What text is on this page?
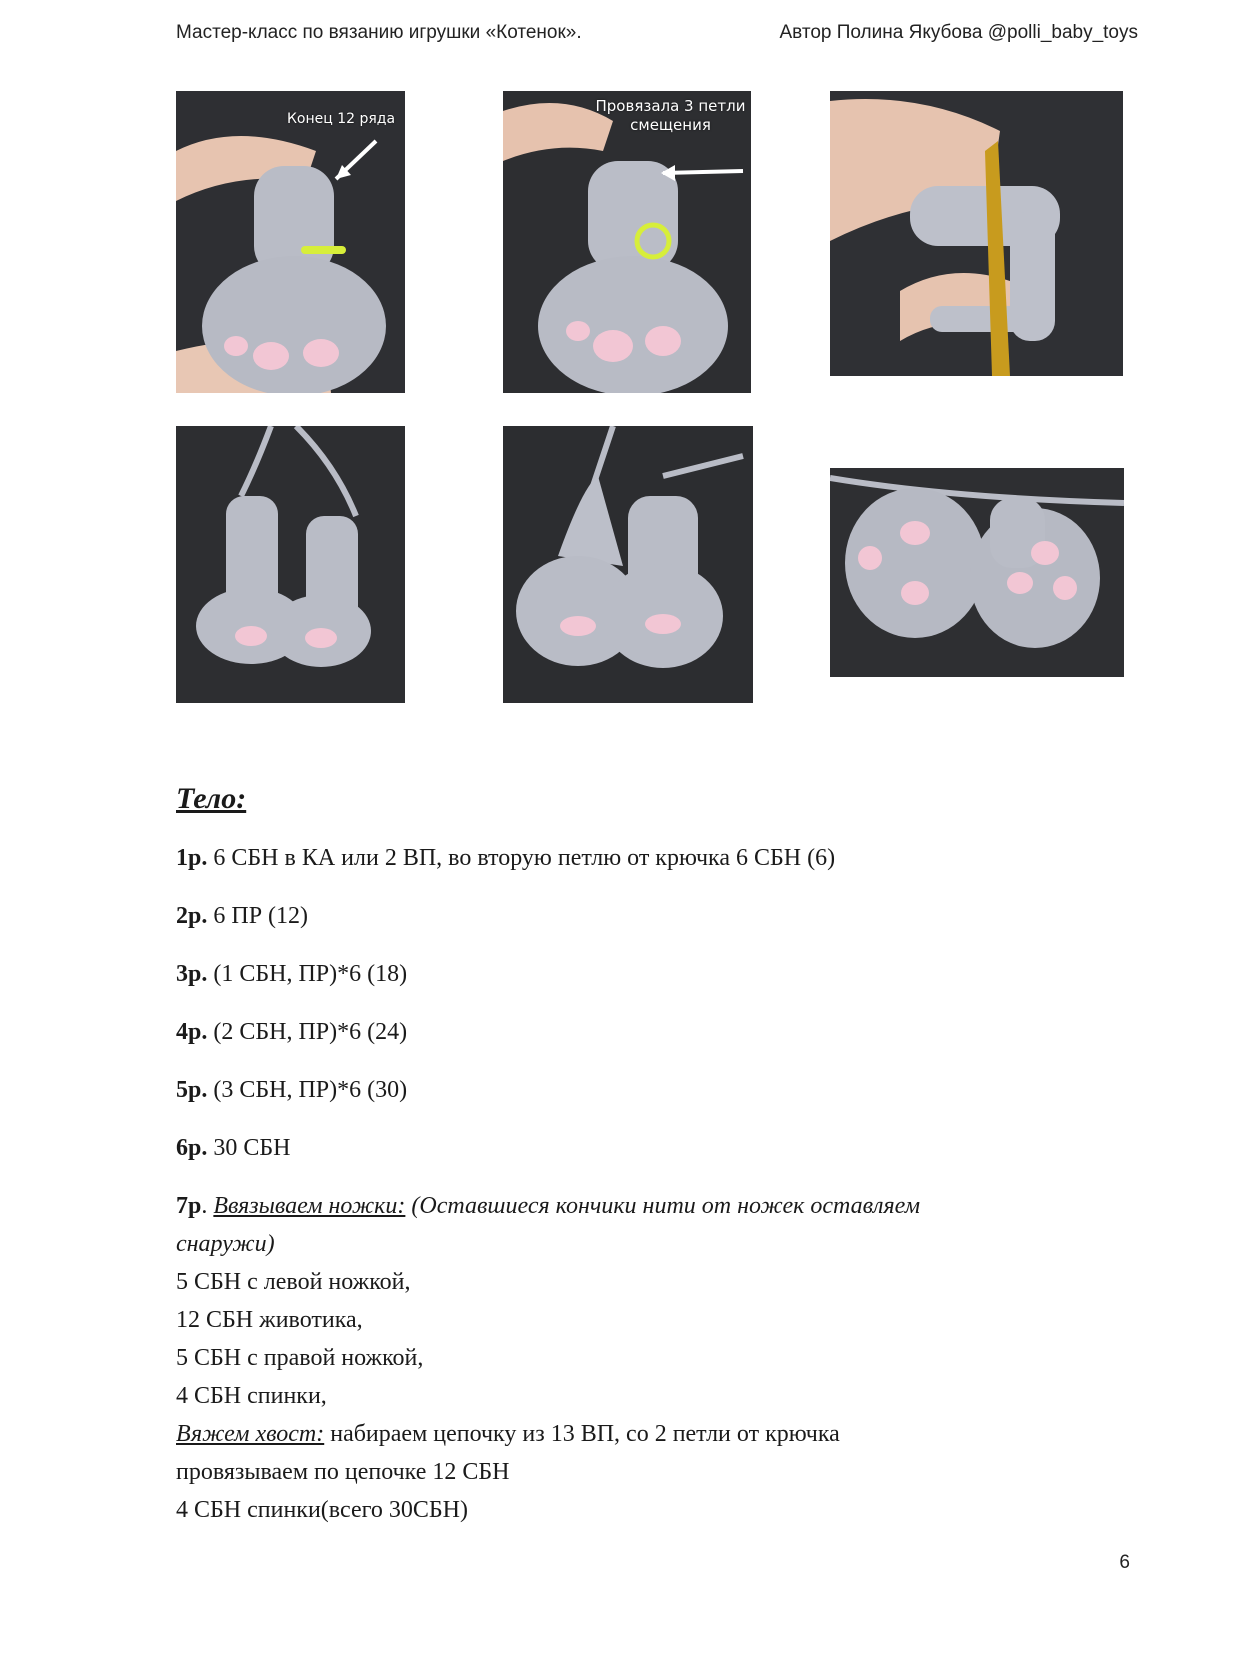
Мастер-класс по вязанию игрушки «Котенок».	Автор Полина Якубова @polli_baby_toys
Конец 12 ряда
Провязала 3 петли смещения
Тело:
1р. 6 СБН в КА или 2 ВП, во вторую петлю от крючка 6 СБН (6)
2р. 6 ПР (12)
3р. (1 СБН, ПР)*6 (18)
4р. (2 СБН, ПР)*6 (24)
5р. (3 СБН, ПР)*6 (30)
6р. 30 СБН
7р. Ввязываем ножки: (Оставшиеся кончики нити от ножек оставляем
снаружи)
5 СБН с левой ножкой,
12 СБН животика,
5 СБН с правой ножкой,
4 СБН спинки,
Вяжем хвост: набираем цепочку из 13 ВП, со 2 петли от крючка
провязываем по цепочке 12 СБН
4 СБН спинки(всего 30СБН)
6
